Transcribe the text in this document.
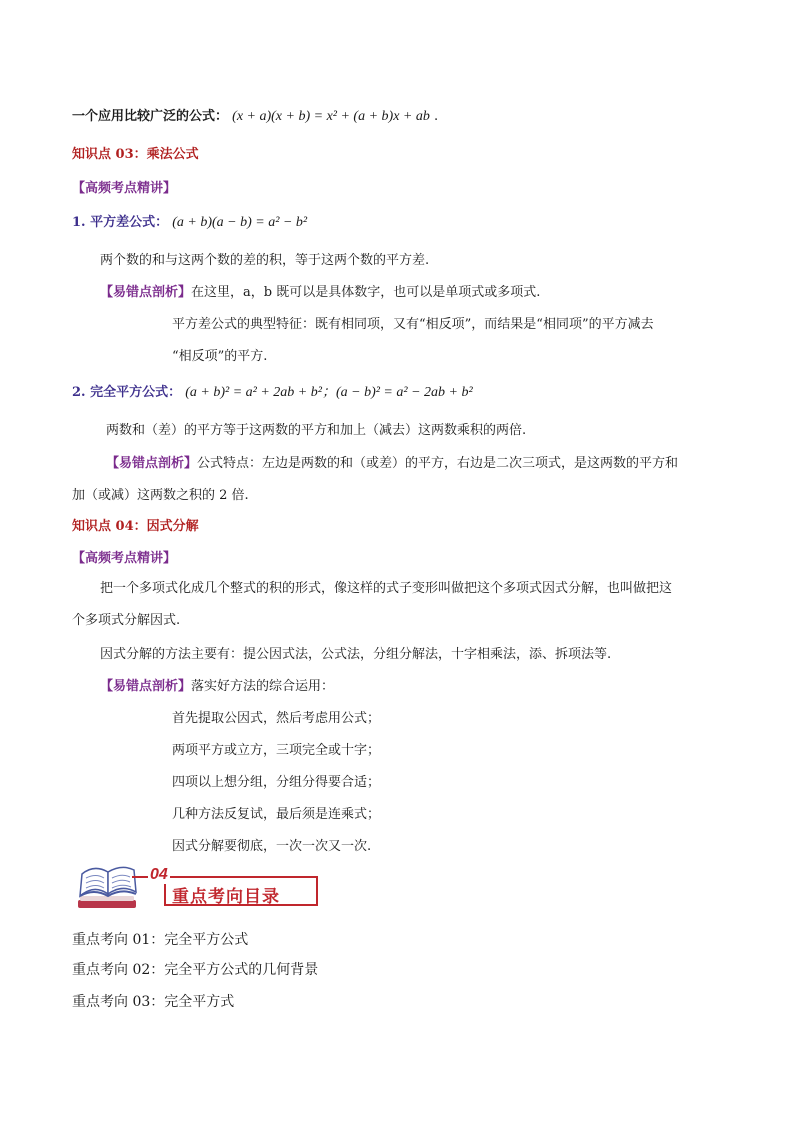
一个应用比较广泛的公式： (x + a)(x + b) = x² + (a + b)x + ab .
知识点 03：乘法公式
【高频考点精讲】
1. 平方差公式： (a + b)(a − b) = a² − b²
两个数的和与这两个数的差的积，等于这两个数的平方差.
【易错点剖析】在这里，a，b 既可以是具体数字，也可以是单项式或多项式.
平方差公式的典型特征：既有相同项，又有“相反项”，而结果是“相同项”的平方减去
“相反项”的平方.
2. 完全平方公式： (a + b)² = a² + 2ab + b²；(a − b)² = a² − 2ab + b²
两数和（差）的平方等于这两数的平方和加上（减去）这两数乘积的两倍.
【易错点剖析】公式特点：左边是两数的和（或差）的平方，右边是二次三项式，是这两数的平方和
加（或减）这两数之积的 2 倍.
知识点 04：因式分解
【高频考点精讲】
把一个多项式化成几个整式的积的形式，像这样的式子变形叫做把这个多项式因式分解，也叫做把这
个多项式分解因式.
因式分解的方法主要有：提公因式法，公式法，分组分解法，十字相乘法，添、拆项法等.
【易错点剖析】落实好方法的综合运用：
首先提取公因式，然后考虑用公式；
两项平方或立方，三项完全或十字；
四项以上想分组，分组分得要合适；
几种方法反复试，最后须是连乘式；
因式分解要彻底，一次一次又一次.
04
重点考向目录
重点考向 01：完全平方公式
重点考向 02：完全平方公式的几何背景
重点考向 03：完全平方式
